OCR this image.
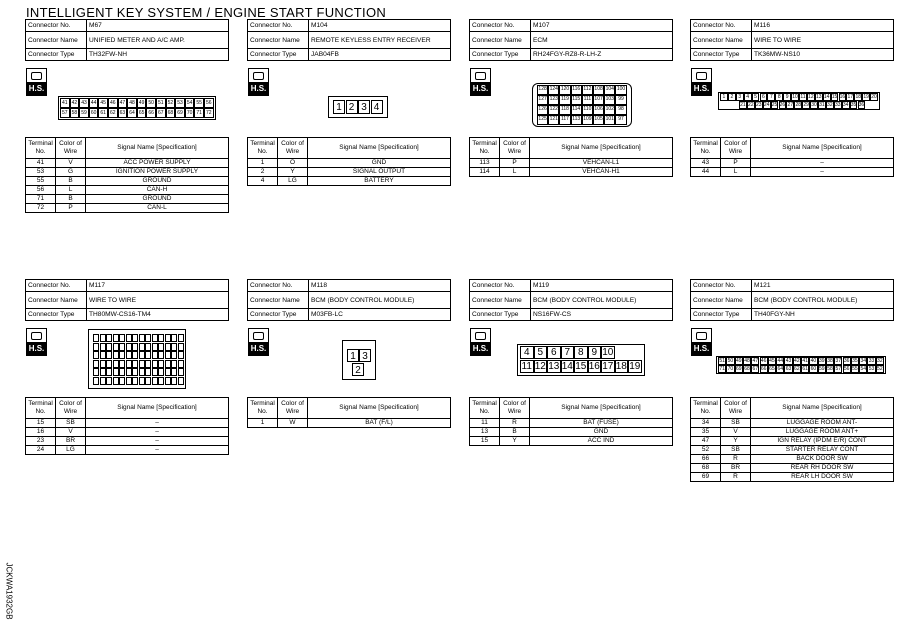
INTELLIGENT KEY SYSTEM / ENGINE START FUNCTION
Connector No.	M67
Connector Name	UNIFIED METER AND A/C AMP.
Connector Type	TH32FW-NH
H.S.
Terminal No.	Color of Wire	Signal Name [Specification]
41	V	ACC POWER SUPPLY
53	G	IGNITION POWER SUPPLY
55	B	GROUND
56	L	CAN-H
71	B	GROUND
72	P	CAN-L
Connector No.	M104
Connector Name	REMOTE KEYLESS ENTRY RECEIVER
Connector Type	JAB04FB
H.S.
Terminal No.	Color of Wire	Signal Name [Specification]
1	O	GND
2	Y	SIGNAL OUTPUT
4	LG	BATTERY
Connector No.	M107
Connector Name	ECM
Connector Type	RH24FGY-RZ8-R-LH-Z
H.S.
Terminal No.	Color of Wire	Signal Name [Specification]
113	P	VEHCAN-L1
114	L	VEHCAN-H1
Connector No.	M116
Connector Name	WIRE TO WIRE
Connector Type	TK36MW-NS10
H.S.
Terminal No.	Color of Wire	Signal Name [Specification]
43	P	–
44	L	–
Connector No.	M117
Connector Name	WIRE TO WIRE
Connector Type	TH80MW-CS16-TM4
H.S.
Terminal No.	Color of Wire	Signal Name [Specification]
15	SB	–
16	V	–
23	BR	–
24	LG	–
Connector No.	M118
Connector Name	BCM (BODY CONTROL MODULE)
Connector Type	M03FB-LC
H.S.
Terminal No.	Color of Wire	Signal Name [Specification]
1	W	BAT (F/L)
Connector No.	M119
Connector Name	BCM (BODY CONTROL MODULE)
Connector Type	NS16FW-CS
H.S.
Terminal No.	Color of Wire	Signal Name [Specification]
11	R	BAT (FUSE)
13	B	GND
15	Y	ACC IND
Connector No.	M121
Connector Name	BCM (BODY CONTROL MODULE)
Connector Type	TH40FGY-NH
H.S.
Terminal No.	Color of Wire	Signal Name [Specification]
34	SB	LUGGAGE ROOM ANT-
35	V	LUGGAGE ROOM ANT+
47	Y	IGN RELAY (IPDM E/R) CONT
52	SB	STARTER RELAY CONT
66	R	BACK DOOR SW
68	BR	REAR RH DOOR SW
69	R	REAR LH DOOR SW
41 42 43 44 45 46 47 48 49 50 51 52 53 54 55 56
57 58 59 60 61 62 63 64 65 66 67 68 69 70 71 72	1 2 3 4
128 124 120 116 112 108 104 100
127 123 119 115 111 107 103 99
126 122 118 114 110 106 102 98
125 121 117 113 109 105 101 97
1	2	3	4	5	6	7	8	9 10 11 12 13 14 15 16 17 18 19 20
21 22 23 24 25 26 27 28 29 30 31 32 33 34 35 36
1 3
2
4 5 6 7 8 9 10
11 12 13 14 15 16 17 18 19	51 50 49 48 47 46 45 44 43 42 41 40 39 38 37 36 35 34 33 32
71 70 69 68 67 66 65 64 63 62 61 60 59 58 57 56 55 54 53 52
JCKWA1932GB
